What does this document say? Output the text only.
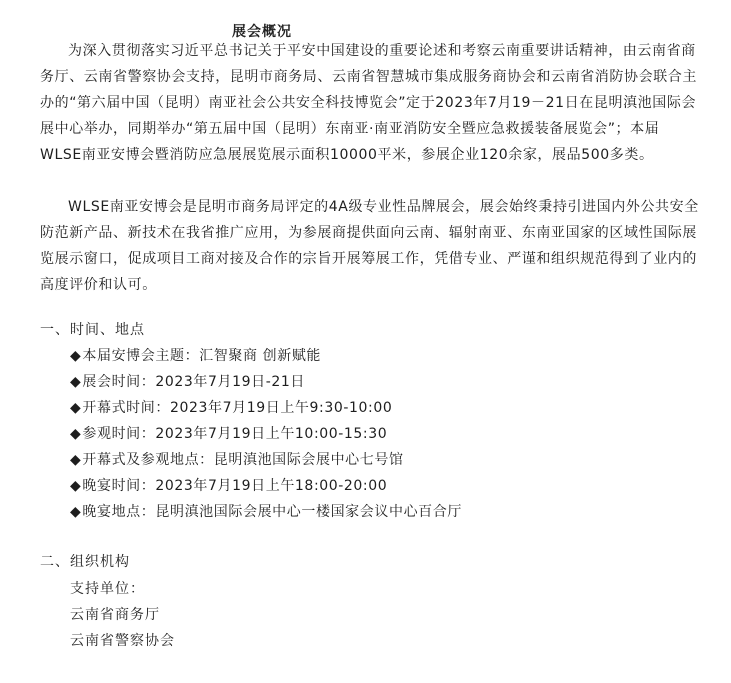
展会概况

为深入贯彻落实习近平总书记关于平安中国建设的重要论述和考察云南重要讲话精神，由云南省商务厅、云南省警察协会支持，昆明市商务局、云南省智慧城市集成服务商协会和云南省消防协会联合主办的“第六届中国（昆明）南亚社会公共安全科技博览会”定于2023年7月19－21日在昆明滇池国际会展中心举办，同期举办“第五届中国（昆明）东南亚·南亚消防安全暨应急救援装备展览会”；本届WLSE南亚安博会暨消防应急展展览展示面积10000平米，参展企业120余家，展品500多类。

WLSE南亚安博会是昆明市商务局评定的4A级专业性品牌展会，展会始终秉持引进国内外公共安全防范新产品、新技术在我省推广应用，为参展商提供面向云南、辐射南亚、东南亚国家的区域性国际展览展示窗口，促成项目工商对接及合作的宗旨开展筹展工作，凭借专业、严谨和组织规范得到了业内的高度评价和认可。

一、时间、地点
◆本届安博会主题：汇智聚商 创新赋能
◆展会时间：2023年7月19日-21日
◆开幕式时间：2023年7月19日上午9:30-10:00
◆参观时间：2023年7月19日上午10:00-15:30
◆开幕式及参观地点：昆明滇池国际会展中心七号馆
◆晚宴时间：2023年7月19日上午18:00-20:00
◆晚宴地点：昆明滇池国际会展中心一楼国家会议中心百合厅
二、组织机构
支持单位：
云南省商务厅
云南省警察协会
